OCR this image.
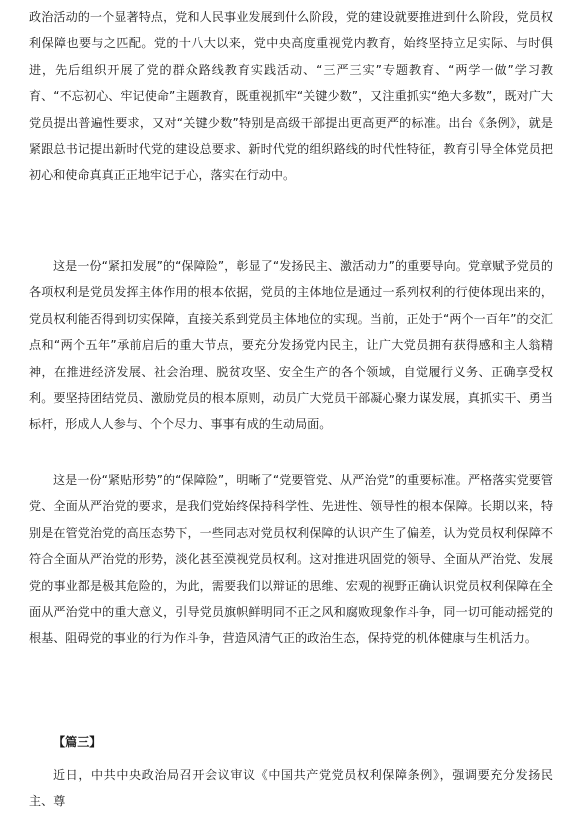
政治活动的一个显著特点，党和人民事业发展到什么阶段，党的建设就要推进到什么阶段，党员权利保障也要与之匹配。党的十八大以来，党中央高度重视党内教育，始终坚持立足实际、与时俱进，先后组织开展了党的群众路线教育实践活动、“三严三实”专题教育、“两学一做”学习教育、“不忘初心、牢记使命”主题教育，既重视抓牢“关键少数”，又注重抓实“绝大多数”，既对广大党员提出普遍性要求，又对“关键少数”特别是高级干部提出更高更严的标准。出台《条例》，就是紧跟总书记提出新时代党的建设总要求、新时代党的组织路线的时代性特征，教育引导全体党员把初心和使命真真正正地牢记于心，落实在行动中。

这是一份“紧扣发展”的“保障险”，彰显了“发扬民主、激活动力”的重要导向。党章赋予党员的各项权利是党员发挥主体作用的根本依据，党员的主体地位是通过一系列权利的行使体现出来的，党员权利能否得到切实保障，直接关系到党员主体地位的实现。当前，正处于“两个一百年”的交汇点和“两个五年”承前启后的重大节点，要充分发扬党内民主，让广大党员拥有获得感和主人翁精神，在推进经济发展、社会治理、脱贫攻坚、安全生产的各个领域，自觉履行义务、正确享受权利。要坚持团结党员、激励党员的根本原则，动员广大党员干部凝心聚力谋发展，真抓实干、勇当标杆，形成人人参与、个个尽力、事事有成的生动局面。

这是一份“紧贴形势”的“保障险”，明晰了“党要管党、从严治党”的重要标准。严格落实党要管党、全面从严治党的要求，是我们党始终保持科学性、先进性、领导性的根本保障。长期以来，特别是在管党治党的高压态势下，一些同志对党员权利保障的认识产生了偏差，认为党员权利保障不符合全面从严治党的形势，淡化甚至漠视党员权利。这对推进巩固党的领导、全面从严治党、发展党的事业都是极其危险的，为此，需要我们以辩证的思维、宏观的视野正确认识党员权利保障在全面从严治党中的重大意义，引导党员旗帜鲜明同不正之风和腐败现象作斗争，同一切可能动摇党的根基、阻碍党的事业的行为作斗争，营造风清气正的政治生态，保持党的机体健康与生机活力。

【篇三】

近日，中共中央政治局召开会议审议《中国共产党党员权利保障条例》，强调要充分发扬民主、尊
